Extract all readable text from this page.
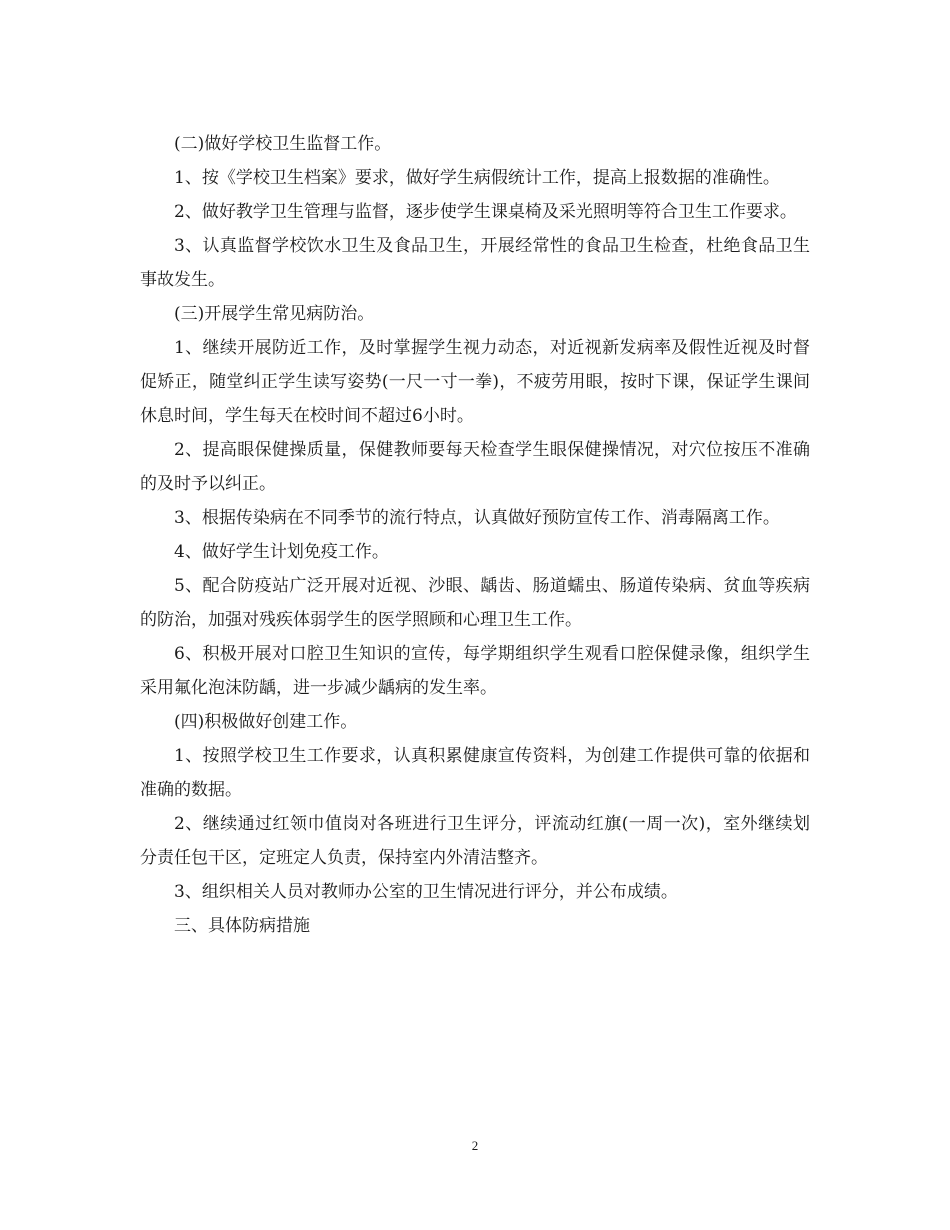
(二)做好学校卫生监督工作。

1、按《学校卫生档案》要求，做好学生病假统计工作，提高上报数据的准确性。

2、做好教学卫生管理与监督，逐步使学生课桌椅及采光照明等符合卫生工作要求。

3、认真监督学校饮水卫生及食品卫生，开展经常性的食品卫生检查，杜绝食品卫生事故发生。

(三)开展学生常见病防治。

1、继续开展防近工作，及时掌握学生视力动态，对近视新发病率及假性近视及时督促矫正，随堂纠正学生读写姿势(一尺一寸一拳)，不疲劳用眼，按时下课，保证学生课间休息时间，学生每天在校时间不超过6小时。

2、提高眼保健操质量，保健教师要每天检查学生眼保健操情况，对穴位按压不准确的及时予以纠正。

3、根据传染病在不同季节的流行特点，认真做好预防宣传工作、消毒隔离工作。

4、做好学生计划免疫工作。

5、配合防疫站广泛开展对近视、沙眼、龋齿、肠道蠕虫、肠道传染病、贫血等疾病的防治，加强对残疾体弱学生的医学照顾和心理卫生工作。

6、积极开展对口腔卫生知识的宣传，每学期组织学生观看口腔保健录像，组织学生采用氟化泡沫防龋，进一步减少龋病的发生率。

(四)积极做好创建工作。

1、按照学校卫生工作要求，认真积累健康宣传资料，为创建工作提供可靠的依据和准确的数据。

2、继续通过红领巾值岗对各班进行卫生评分，评流动红旗(一周一次)，室外继续划分责任包干区，定班定人负责，保持室内外清洁整齐。

3、组织相关人员对教师办公室的卫生情况进行评分，并公布成绩。

三、具体防病措施

2
